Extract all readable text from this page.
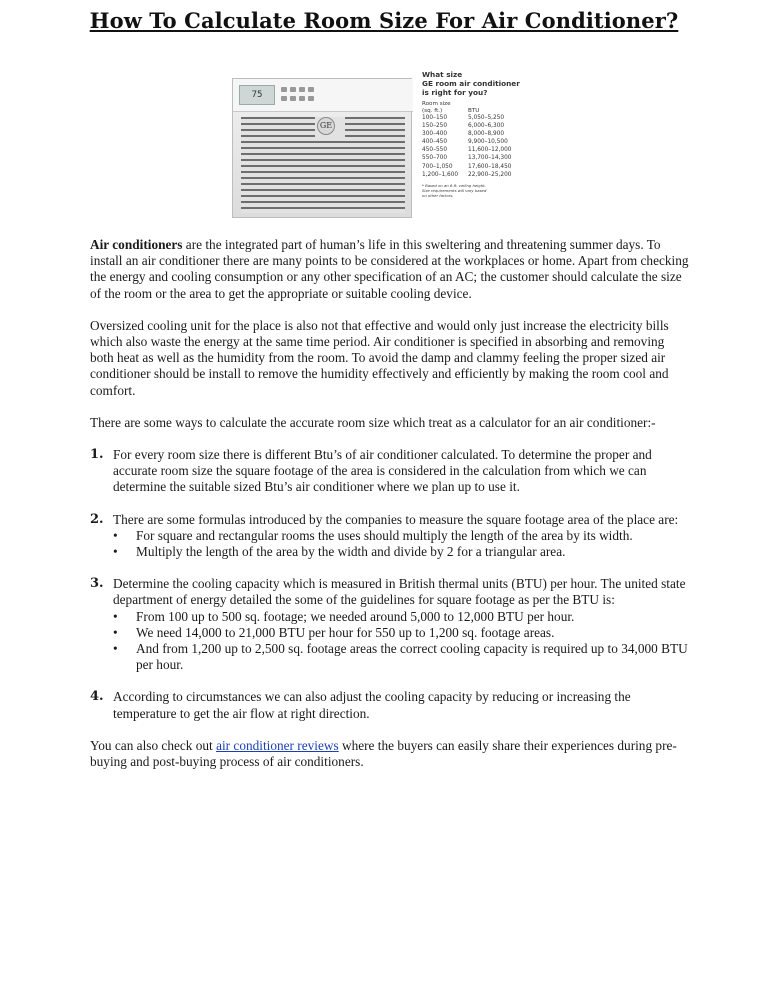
How To Calculate Room Size For Air Conditioner?
75
GE

What size

GE room air conditioner

is right for you?

Room size
(sq. ft.)	BTU
100–150	5,050–5,250
150–250	6,000–6,300
300–400	8,000–8,900
400–450	9,900–10,500
450–550	11,600–12,000
550–700	13,700–14,300
700–1,050	17,600–18,450
1,200–1,600	22,900–25,200
* Based on an 8-ft. ceiling height.
Size requirements will vary based
on other factors.

Air conditioners are the integrated part of human’s life in this sweltering and threatening summer days. To install an air conditioner there are many points to be considered at the workplaces or home. Apart from checking the energy and cooling consumption or any other specification of an AC; the customer should calculate the size of the room or the area to get the appropriate or suitable cooling device.

Oversized cooling unit for the place is also not that effective and would only just increase the electricity bills which also waste the energy at the same time period. Air conditioner is specified in absorbing and removing both heat as well as the humidity from the room. To avoid the damp and clammy feeling the proper sized air conditioner should be install to remove the humidity effectively and efficiently by making the room cool and comfort.

There are some ways to calculate the accurate room size which treat as a calculator for an air conditioner:-

1. For every room size there is different Btu’s of air conditioner calculated. To determine the proper and accurate room size the square footage of the area is considered in the calculation from which we can determine the suitable sized Btu’s air conditioner where we plan up to use it.
2. There are some formulas introduced by the companies to measure the square footage area of the place are:
• For square and rectangular rooms the uses should multiply the length of the area by its width.
• Multiply the length of the area by the width and divide by 2 for a triangular area.
3. Determine the cooling capacity which is measured in British thermal units (BTU) per hour. The united state department of energy detailed the some of the guidelines for square footage as per the BTU is:
• From 100 up to 500 sq. footage; we needed around 5,000 to 12,000 BTU per hour.
• We need 14,000 to 21,000 BTU per hour for 550 up to 1,200 sq. footage areas.
• And from 1,200 up to 2,500 sq. footage areas the correct cooling capacity is required up to 34,000 BTU per hour.
4. According to circumstances we can also adjust the cooling capacity by reducing or increasing the temperature to get the air flow at right direction.

You can also check out air conditioner reviews where the buyers can easily share their experiences during pre-buying and post-buying process of air conditioners.
